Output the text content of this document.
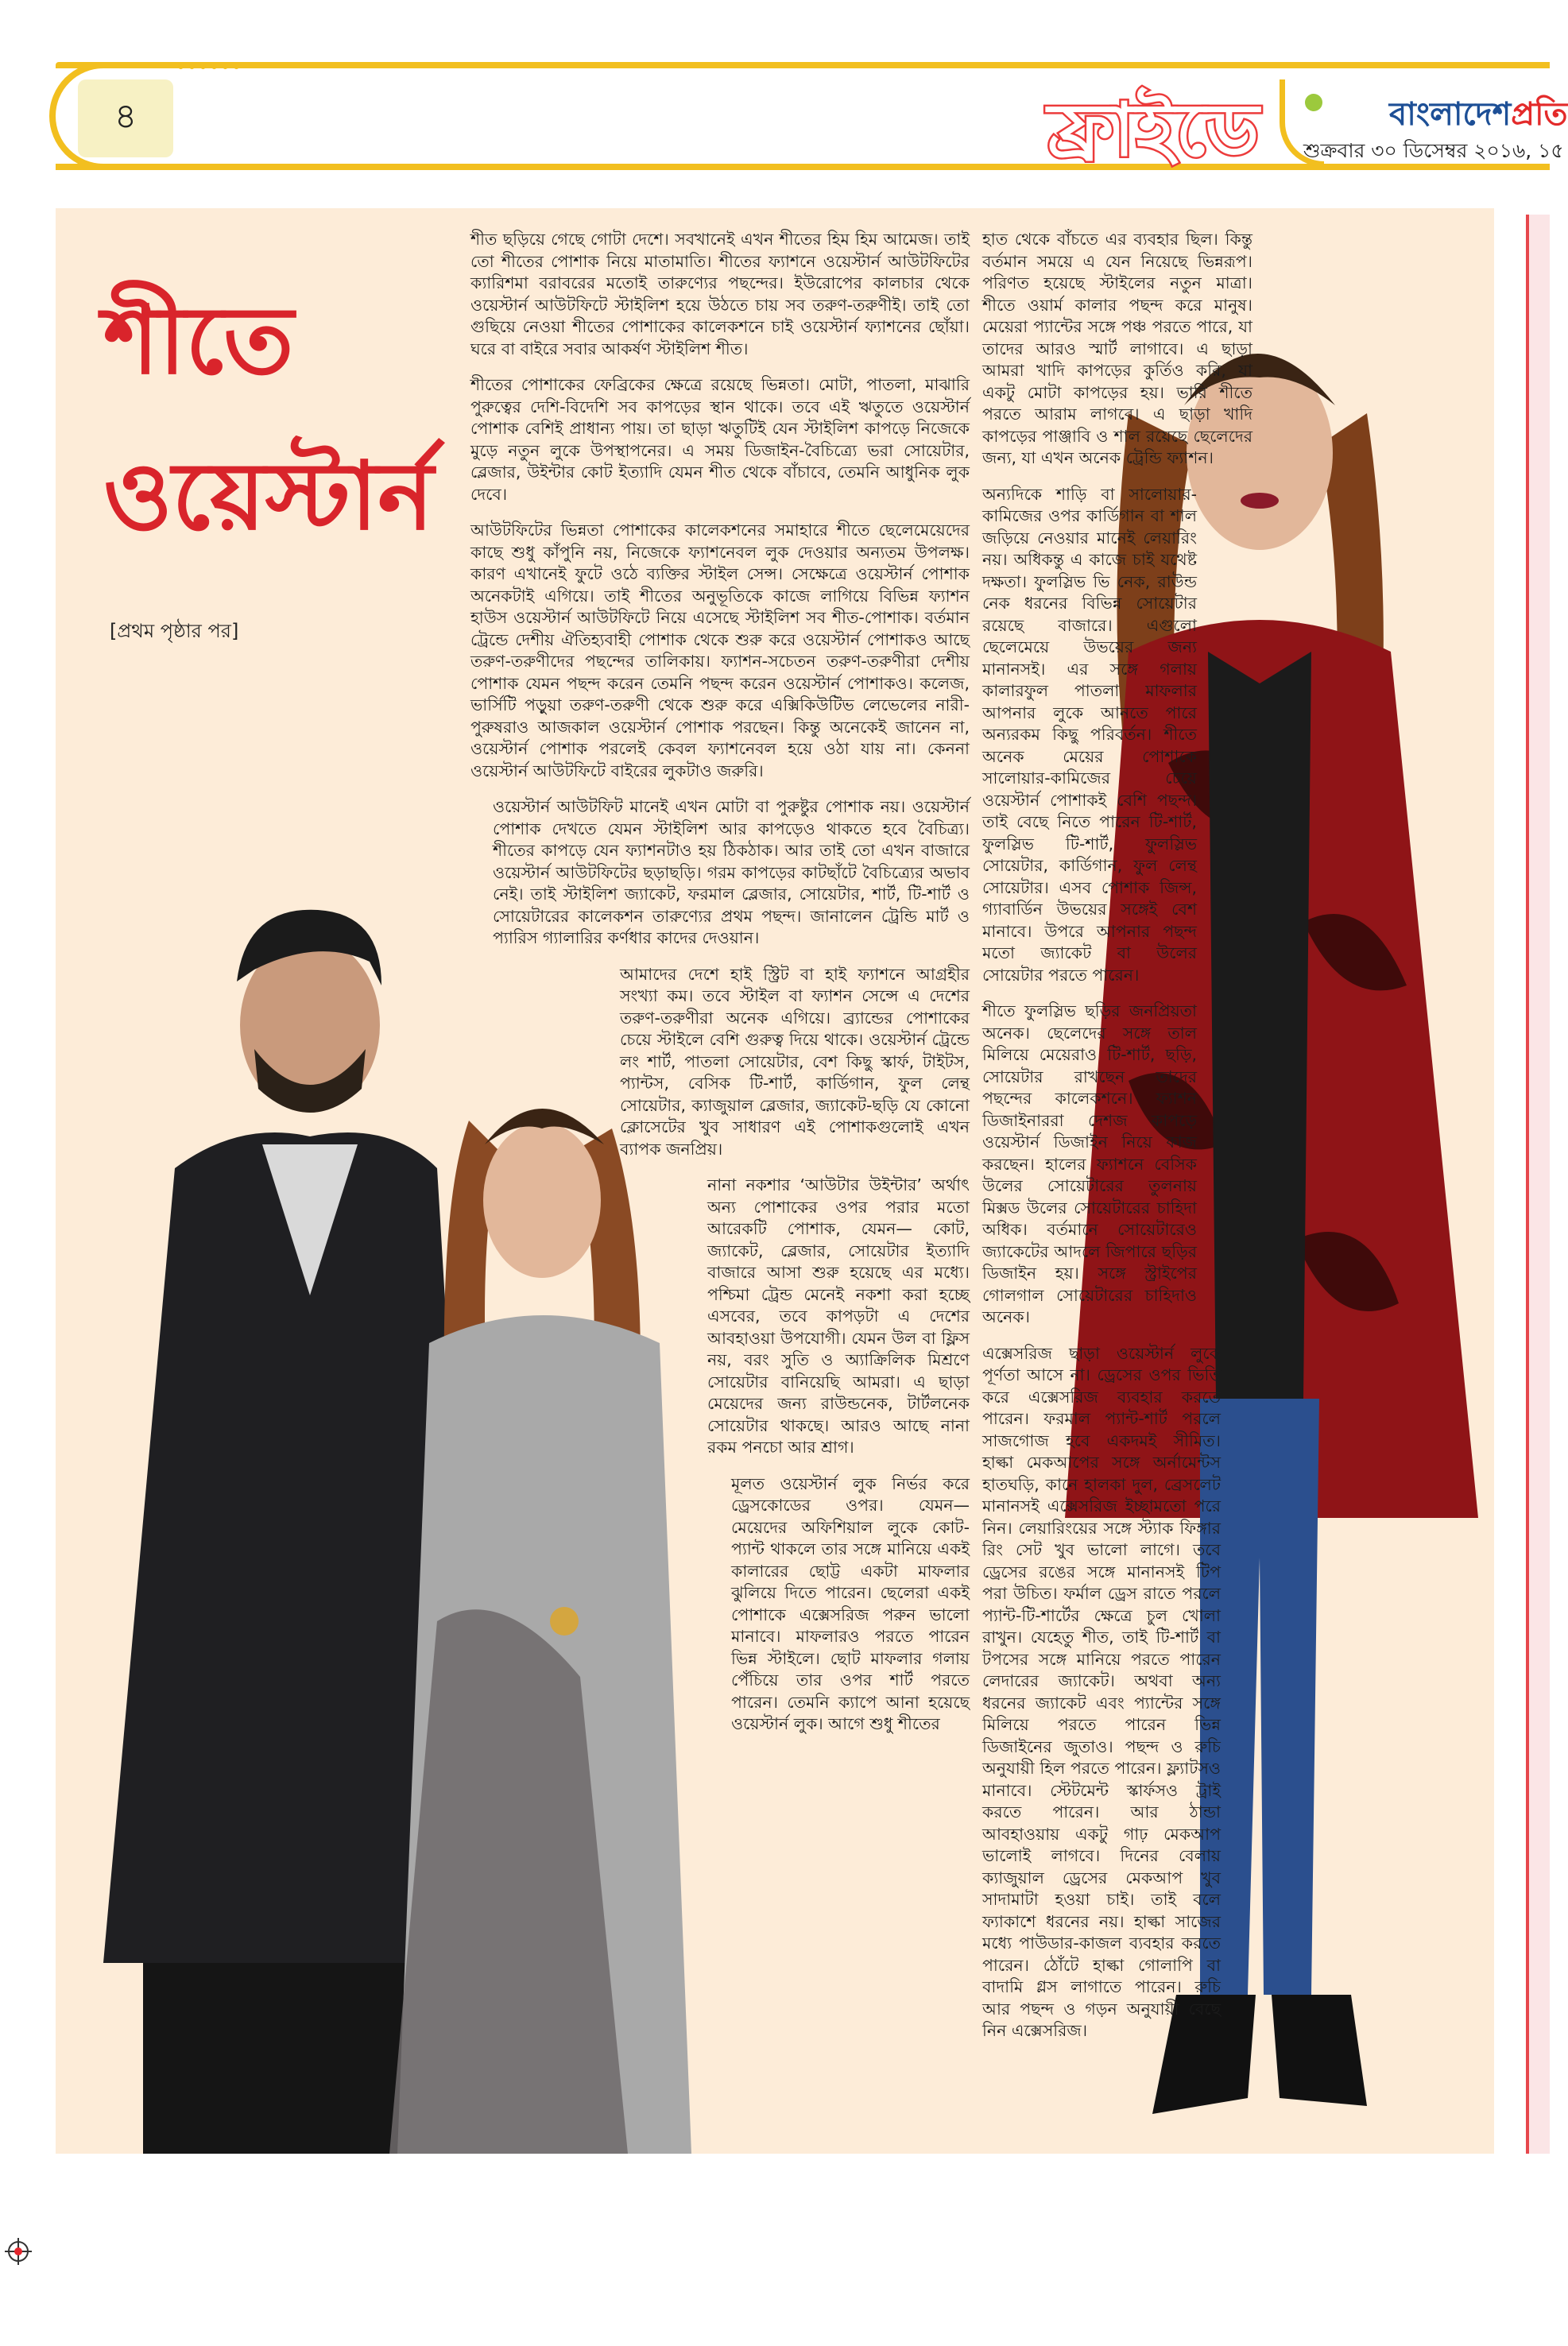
৪	ফ্রাইডে	বাংলাদেশপ্রতি
শুক্রবার ৩০ ডিসেম্বর ২০১৬, ১৫
শীতে
ওয়েস্টার্ন
[প্রথম পৃষ্ঠার পর]

শীত ছড়িয়ে গেছে গোটা দেশে। সবখানেই এখন শীতের হিম হিম আমেজ। তাই তো শীতের পোশাক নিয়ে মাতামাতি। শীতের ফ্যাশনে ওয়েস্টার্ন আউটফিটের ক্যারিশমা বরাবরের মতোই তারুণ্যের পছন্দের। ইউরোপের কালচার থেকে ওয়েস্টার্ন আউটফিটে স্টাইলিশ হয়ে উঠতে চায় সব তরুণ-তরুণীই। তাই তো গুছিয়ে নেওয়া শীতের পোশাকের কালেকশনে চাই ওয়েস্টার্ন ফ্যাশনের ছোঁয়া। ঘরে বা বাইরে সবার আকর্ষণ স্টাইলিশ শীত।

শীতের পোশাকের ফেব্রিকের ক্ষেত্রে রয়েছে ভিন্নতা। মোটা, পাতলা, মাঝারি পুরুত্বের দেশি-বিদেশি সব কাপড়ের স্থান থাকে। তবে এই ঋতুতে ওয়েস্টার্ন পোশাক বেশিই প্রাধান্য পায়। তা ছাড়া ঋতুটিই যেন স্টাইলিশ কাপড়ে নিজেকে মুড়ে নতুন লুকে উপস্থাপনের। এ সময় ডিজাইন-বৈচিত্র্যে ভরা সোয়েটার, ব্লেজার, উইন্টার কোট ইত্যাদি যেমন শীত থেকে বাঁচাবে, তেমনি আধুনিক লুক দেবে।

আউটফিটের ভিন্নতা পোশাকের কালেকশনের সমাহারে শীতে ছেলেমেয়েদের কাছে শুধু কাঁপুনি নয়, নিজেকে ফ্যাশনেবল লুক দেওয়ার অন্যতম উপলক্ষ। কারণ এখানেই ফুটে ওঠে ব্যক্তির স্টাইল সেন্স। সেক্ষেত্রে ওয়েস্টার্ন পোশাক অনেকটাই এগিয়ে। তাই শীতের অনুভূতিকে কাজে লাগিয়ে বিভিন্ন ফ্যাশন হাউস ওয়েস্টার্ন আউটফিটে নিয়ে এসেছে স্টাইলিশ সব শীত-পোশাক। বর্তমান ট্রেন্ডে দেশীয় ঐতিহ্যবাহী পোশাক থেকে শুরু করে ওয়েস্টার্ন পোশাকও আছে তরুণ-তরুণীদের পছন্দের তালিকায়। ফ্যাশন-সচেতন তরুণ-তরুণীরা দেশীয় পোশাক যেমন পছন্দ করেন তেমনি পছন্দ করেন ওয়েস্টার্ন পোশাকও। কলেজ, ভার্সিটি পড়ুয়া তরুণ-তরুণী থেকে শুরু করে এক্সিকিউটিভ লেভেলের নারী-পুরুষরাও আজকাল ওয়েস্টার্ন পোশাক পরছেন। কিন্তু অনেকেই জানেন না, ওয়েস্টার্ন পোশাক পরলেই কেবল ফ্যাশনেবল হয়ে ওঠা যায় না। কেননা ওয়েস্টার্ন আউটফিটে বাইরের লুকটাও জরুরি।

ওয়েস্টার্ন আউটফিট মানেই এখন মোটা বা পুরুষ্টুর পোশাক নয়। ওয়েস্টার্ন পোশাক দেখতে যেমন স্টাইলিশ আর কাপড়েও থাকতে হবে বৈচিত্র্য। শীতের কাপড়ে যেন ফ্যাশনটাও হয় ঠিকঠাক। আর তাই তো এখন বাজারে ওয়েস্টার্ন আউটফিটের ছড়াছড়ি। গরম কাপড়ের কাটছাঁটে বৈচিত্র্যের অভাব নেই। তাই স্টাইলিশ জ্যাকেট, ফরমাল ব্লেজার, সোয়েটার, শার্ট, টি-শার্ট ও সোয়েটারের কালেকশন তারুণ্যের প্রথম পছন্দ। জানালেন ট্রেন্ডি মার্ট ও প্যারিস গ্যালারির কর্ণধার কাদের দেওয়ান।

আমাদের দেশে হাই স্ট্রিট বা হাই ফ্যাশনে আগ্রহীর সংখ্যা কম। তবে স্টাইল বা ফ্যাশন সেন্সে এ দেশের তরুণ-তরুণীরা অনেক এগিয়ে। ব্র্যান্ডের পোশাকের চেয়ে স্টাইলে বেশি গুরুত্ব দিয়ে থাকে। ওয়েস্টার্ন ট্রেন্ডে লং শার্ট, পাতলা সোয়েটার, বেশ কিছু স্কার্ফ, টাইটস, প্যান্টস, বেসিক টি-শার্ট, কার্ডিগান, ফুল লেন্থ সোয়েটার, ক্যাজুয়াল ব্লেজার, জ্যাকেট-ছড়ি যে কোনো ক্লোসেটের খুব সাধারণ এই পোশাকগুলোই এখন ব্যাপক জনপ্রিয়।

নানা নকশার ‘আউটার উইন্টার’ অর্থাৎ অন্য পোশাকের ওপর পরার মতো আরেকটি পোশাক, যেমন— কোট, জ্যাকেট, ব্লেজার, সোয়েটার ইত্যাদি বাজারে আসা শুরু হয়েছে এর মধ্যে। পশ্চিমা ট্রেন্ড মেনেই নকশা করা হচ্ছে এসবের, তবে কাপড়টা এ দেশের আবহাওয়া উপযোগী। যেমন উল বা ফ্লিস নয়, বরং সুতি ও অ্যাক্রিলিক মিশ্রণে সোয়েটার বানিয়েছি আমরা। এ ছাড়া মেয়েদের জন্য রাউন্ডনেক, টার্টলনেক সোয়েটার থাকছে। আরও আছে নানা রকম পনচো আর শ্রাগ।

মূলত ওয়েস্টার্ন লুক নির্ভর করে ড্রেসকোডের ওপর। যেমন— মেয়েদের অফিশিয়াল লুকে কোট-প্যান্ট থাকলে তার সঙ্গে মানিয়ে একই কালারের ছোট্ট একটা মাফলার ঝুলিয়ে দিতে পারেন। ছেলেরা একই পোশাকে এক্সেসরিজ পরুন ভালো মানাবে। মাফলারও পরতে পারেন ভিন্ন স্টাইলে। ছোট মাফলার গলায় পেঁচিয়ে তার ওপর শার্ট পরতে পারেন। তেমনি ক্যাপে আনা হয়েছে ওয়েস্টার্ন লুক। আগে শুধু শীতের

হাত থেকে বাঁচতে এর ব্যবহার ছিল। কিন্তু বর্তমান সময়ে এ যেন নিয়েছে ভিন্নরূপ। পরিণত হয়েছে স্টাইলের নতুন মাত্রা। শীতে ওয়ার্ম কালার পছন্দ করে মানুষ। মেয়েরা প্যান্টের সঙ্গে পঞ্চ পরতে পারে, যা তাদের আরও স্মার্ট লাগাবে। এ ছাড়া আমরা খাদি কাপড়ের কুর্তিও করি, যা একটু মোটা কাপড়ের হয়। ভারি শীতে পরতে আরাম লাগবে। এ ছাড়া খাদি কাপড়ের পাঞ্জাবি ও শাল রয়েছে ছেলেদের জন্য, যা এখন অনেক ট্রেন্ডি ফ্যাশন।

অন্যদিকে শাড়ি বা সালোয়ার-কামিজের ওপর কার্ডিগান বা শাল জড়িয়ে নেওয়ার মানেই লেয়ারিং নয়। অধিকন্তু এ কাজে চাই যথেষ্ট দক্ষতা। ফুলস্লিভ ভি নেক, রাউন্ড নেক ধরনের বিভিন্ন সোয়েটার রয়েছে বাজারে। এগুলো ছেলেমেয়ে উভয়ের জন্য মানানসই। এর সঙ্গে গলায় কালারফুল পাতলা মাফলার আপনার লুকে আনতে পারে অন্যরকম কিছু পরিবর্তন। শীতে অনেক মেয়ের পোশাকে সালোয়ার-কামিজের চেয়ে ওয়েস্টার্ন পোশাকই বেশি পছন্দ। তাই বেছে নিতে পারেন টি-শার্ট, ফুলস্লিভ টি-শার্ট, ফুলস্লিভ সোয়েটার, কার্ডিগান, ফুল লেন্থ সোয়েটার। এসব পোশাক জিন্স, গ্যাবার্ডিন উভয়ের সঙ্গেই বেশ মানাবে। উপরে আপনার পছন্দ মতো জ্যাকেট বা উলের সোয়েটার পরতে পারেন।

শীতে ফুলস্লিভ ছড়ির জনপ্রিয়তা অনেক। ছেলেদের সঙ্গে তাল মিলিয়ে মেয়েরাও টি-শার্ট, ছড়ি, সোয়েটার রাখছেন তাদের পছন্দের কালেকশনে। ফ্যাশন ডিজাইনাররা দেশজ কাপড়ে ওয়েস্টার্ন ডিজাইন নিয়ে কাজ করছেন। হালের ফ্যাশনে বেসিক উলের সোয়েটারের তুলনায় মিক্সড উলের সোয়েটারের চাহিদা অধিক। বর্তমানে সোয়েটারেও জ্যাকেটের আদলে জিপারে ছড়ির ডিজাইন হয়। সঙ্গে স্ট্রাইপের গোলগাল সোয়েটারের চাহিদাও অনেক।

এক্সেসরিজ ছাড়া ওয়েস্টার্ন লুকে পূর্ণতা আসে না। ড্রেসের ওপর ভিত্তি করে এক্সেসরিজ ব্যবহার করতে পারেন। ফরমাল প্যান্ট-শার্ট পরলে সাজগোজ হবে একদমই সীমিত। হাল্কা মেকআপের সঙ্গে অর্নামেন্টস হাতঘড়ি, কানে হালকা দুল, ব্রেসলেট মানানসই এক্সেসরিজ ইচ্ছামতো পরে নিন। লেয়ারিংয়ের সঙ্গে স্ট্যাক ফিঙ্গার রিং সেট খুব ভালো লাগে। তবে ড্রেসের রঙের সঙ্গে মানানসই টিপ পরা উচিত। ফর্মাল ড্রেস রাতে পরলে প্যান্ট-টি-শার্টের ক্ষেত্রে চুল খোলা রাখুন। যেহেতু শীত, তাই টি-শার্ট বা টপসের সঙ্গে মানিয়ে পরতে পারেন লেদারের জ্যাকেট। অথবা অন্য ধরনের জ্যাকেট এবং প্যান্টের সঙ্গে মিলিয়ে পরতে পারেন ভিন্ন ডিজাইনের জুতাও। পছন্দ ও রুচি অনুযায়ী হিল পরতে পারেন। ফ্ল্যাটসও মানাবে। স্টেটমেন্ট স্কার্ফসও ট্রাই করতে পারেন। আর ঠান্ডা আবহাওয়ায় একটু গাঢ় মেকআপ ভালোই লাগবে। দিনের বেলায় ক্যাজুয়াল ড্রেসের মেকআপ খুব সাদামাটা হওয়া চাই। তাই বলে ফ্যাকাশে ধরনের নয়। হাল্কা সাজের মধ্যে পাউডার-কাজল ব্যবহার করতে পারেন। ঠোঁটে হাল্কা গোলাপি বা বাদামি গ্লস লাগাতে পারেন। রুচি আর পছন্দ ও গড়ন অনুযায়ী বেছে নিন এক্সেসরিজ।
